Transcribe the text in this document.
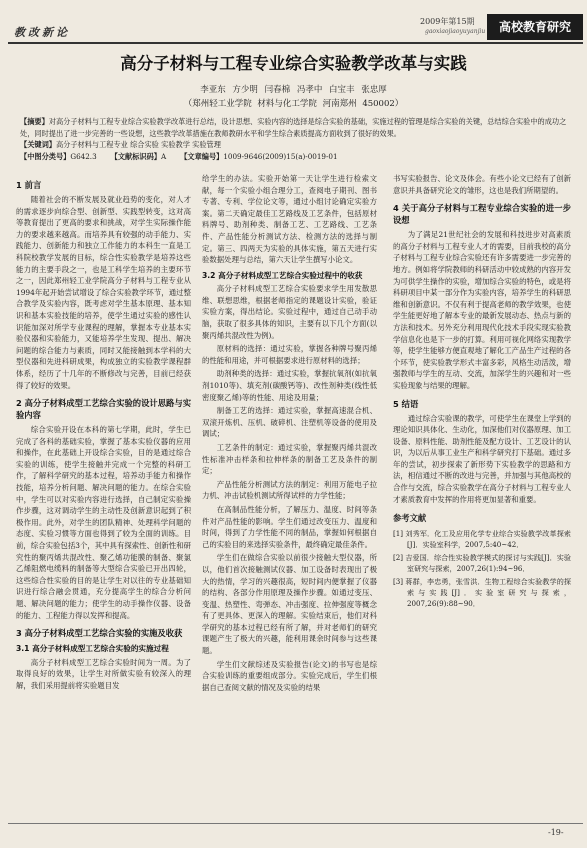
教改新论
2009年第15期
gaoxiaojiaoyuyanjiu	高校教育研究
高分子材料与工程专业综合实验教学改革与实践
李亚东 方少明 闫春棉 冯孝中 白宝丰 张忠厚
（郑州轻工业学院 材料与化工学院 河南郑州 450002）
【摘要】对高分子材料与工程专业综合实验教学改革进行总结，设计思想、实验内容的选择是综合实验的基础，实施过程的管理是综合实验的关键，总结综合实验中的成功之处，同时提出了进一步完善的一些设想，这些教学改革措施在教师教研水平和学生综合素质提高方面收到了很好的效果。
【关键词】高分子材料与工程专业 综合实验 实验教学 实验管理
【中图分类号】G642.3 【文献标识码】A 【文章编号】1009-9646(2009)15(a)-0019-01
1 前言

随着社会的不断发展及就业趋势的变化，对人才的需求逐步向综合型、创新型、实践型转变，这对高等教育提出了更高的要求和挑战，对学生实际操作能力的要求越来越高。而培养具有较强的动手能力、实践能力、创新能力和独立工作能力的本科生一直是工科院校教学发展的目标，综合性实验教学是培养这些能力的主要手段之一，也是工科学生培养的主要环节之一，因此郑州轻工业学院高分子材料与工程专业从1994年起开始尝试增设了综合实验教学环节，通过整合教学及实验内容，既考虑对学生基本原理、基本知识和基本实验技能的培养，使学生通过实验的感性认识能加深对所学专业课程的理解，掌握本专业基本实验仪器和实验能力，又能培养学生发现、提出、解决问题的综合能力与素质，同时又能接触到本学科的大型仪器和先进科研成果，构成独立的实验教学课程群体系，经历了十几年的不断修改与完善，目前已经获得了较好的效果。

2 高分子材料成型工艺综合实验的设计思路与实验内容

综合实验开设在本科的第七学期，此时，学生已完成了各科的基础实验，掌握了基本实验仪器的应用和操作，在此基础上开设综合实验，目的是通过综合实验的训练，使学生接触并完成一个完整的科研工作，了解科学研究的基本过程，培养动手能力和操作技能，培养分析问题、解决问题的能力。在综合实验中，学生可以对实验内容进行选择，自己制定实验操作步骤，这对调动学生的主动性及创新意识起到了积极作用。此外，对学生的团队精神、处理科学问题的态度、实验习惯等方面也得到了较为全面的训练。目前，综合实验包括3个，其中具有探索性、创新性和研究性的聚丙烯共混改性、聚乙烯功能膜的制备、聚氯乙烯阻燃电缆料的制备等大型综合实验已开出四轮，这些综合性实验的目的是让学生对以往的专业基础知识进行综合融会贯通，充分提高学生的综合分析问题、解决问题的能力；使学生的动手操作仪器、设备的能力、工程能力得以发挥和提高。

3 高分子材料成型工艺综合实验的实施及收获
3.1 高分子材料成型工艺综合实验的实施过程

高分子材料成型工艺综合实验时间为一周。为了取得良好的效果，让学生对所做实验有较深入的理解，我们采用提前将实验题目发

给学生的办法。实验开始第一天让学生进行检索文献，每一个实验小组合理分工，查阅电子期刊、图书专著、专利、学位论文等，通过小组讨论确定实验方案。第二天确定最佳工艺路线及工艺条件，包括原材料牌号、助剂种类、制备工艺、工艺路线、工艺条件、产品性能分析测试方法、检测方法的选择与制定。第三、四两天为实验的具体实施，第五天进行实验数据处理与总结，第六天让学生撰写小论文。

3.2 高分子材料成型工艺综合实验过程中的收获

高分子材料成型工艺综合实验要求学生用发散思维、联想思维，根据老师指定的课题设计实验，验证实验方案，得出结论。实验过程中，通过自己动手动脑，获取了很多具体的知识，主要有以下几个方面(以聚丙烯共混改性为例)。

原材料的选择：通过实验，掌握各种牌号聚丙烯的性能和用途，并可根据要求进行原材料的选择；

助剂种类的选择：通过实验，掌握抗氧剂(如抗氧剂1010等)、填充剂(碳酸钙等)、改性剂种类(线性低密度聚乙烯)等的性能、用途及用量；

制备工艺的选择：通过实验，掌握高速混合机、双滚开炼机、压机、破碎机、注塑机等设备的使用及调试；

工艺条件的制定：通过实验，掌握聚丙烯共混改性标准冲击样条和拉伸样条的制备工艺及条件的制定；

产品性能分析测试方法的制定：利用万能电子拉力机、冲击试验机测试所得试样的力学性能；

在高制品性能分析，了解压力、温度、时间等条件对产品性能的影响。学生们通过改变压力、温度和时间，得到了力学性能不同的制品，掌握如何根据自己的实验目的来选择实验条件，最终确定最佳条件。

学生们在做综合实验以前很少接触大型仪器，所以，他们首次接触测试仪器、加工设备时表现出了极大的热情，学习的兴趣很高，短时间内便掌握了仪器的结构、各部分作用原理及操作步骤。如通过变压、变温、热塑性、弯弹态、冲击强度、拉伸强度等概念有了更具体、更深入的理解。实验结束后，他们对科学研究的基本过程已经有所了解，并对老师们的研究课题产生了极大的兴趣，能利用课余时间参与这些课题。

学生们文献综述及实验报告(论文)的书写也是综合实验训练的重要组成部分。实验完成后，学生们根据自己查阅文献的情况及实验的结果

书写实验报告、论文及体会。有些小论文已经有了创新意识并具备研究论文的雏形，这也是我们所期望的。

4 关于高分子材料与工程专业综合实验的进一步设想

为了满足21世纪社会的发展和科技进步对高素质的高分子材料与工程专业人才的需要，目前我校的高分子材料与工程专业综合实验还有许多需要进一步完善的地方。例如将学院教师的科研活动中较成熟的内容开发为可供学生操作的实验，增加综合实验的特色，或是将科研项目中某一部分作为实验内容，培养学生的科研思维和创新意识。不仅有利于提高老师的教学效果，也使学生能更好地了解本专业的最新发展动态、热点与新的方法和技术。另外充分利用现代化技术手段实现实验教学信息化也是下一步的打算。利用可视化网络实现教学等，使学生能够方便直观地了解化工产品生产过程的各个环节，使实验教学形式丰富多彩，风格生动活泼，增强教师与学生的互动、交流，加深学生的兴趣和对一些实验现象与结果的理解。

5 结语

通过综合实验课的教学，可使学生在课堂上学到的理论知识具体化、生动化，加深他们对仪器原理、加工设备、原料性能、助剂性能及配方设计、工艺设计的认识，为以后从事工业生产和科学研究打下基础。通过多年的尝试，初步探索了新形势下实验教学的思路和方法，相信通过不断的改进与完善，并加强与其他高校的合作与交流，综合实验教学在高分子材料与工程专业人才素质教育中发挥的作用将更加显著和重要。

参考文献

[1] 刘秀军．化工及应用化学专业综合实验教学改革探索[J]．实验室科学，2007,5:40~42．

[2] 吉爱国．综合性实验教学模式的探讨与实践[J]．实验室研究与探索，2007,26(1):94~96．

[3] 蒋群，李忠勇，张雪洪．生物工程综合实验教学的探索与实践[J]．实验室研究与探索，2007,26(9):88~90．

-19-
